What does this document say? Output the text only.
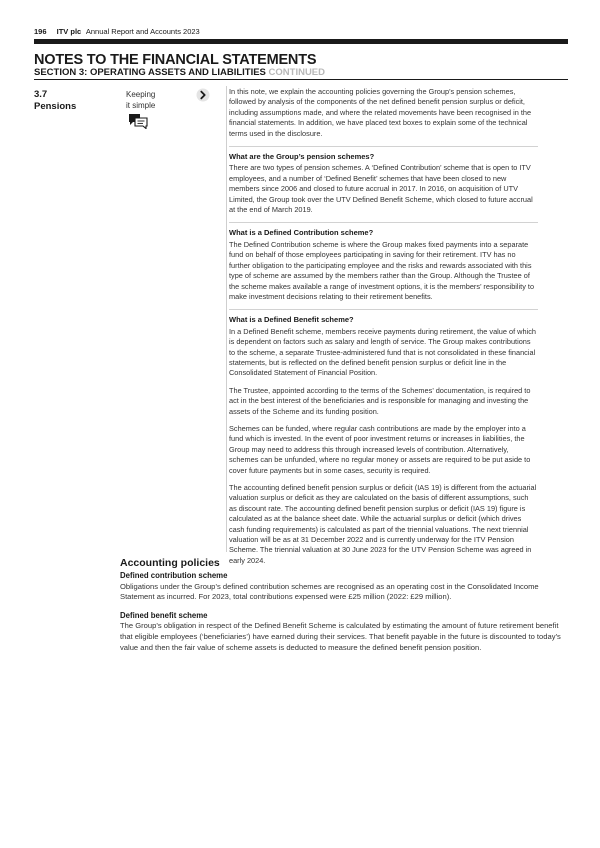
196 ITV plc Annual Report and Accounts 2023
NOTES TO THE FINANCIAL STATEMENTS
SECTION 3: OPERATING ASSETS AND LIABILITIES CONTINUED
3.7
Pensions
Keeping
it simple

In this note, we explain the accounting policies governing the Group’s pension schemes, followed by analysis of the components of the net defined benefit pension surplus or deficit, including assumptions made, and where the related movements have been recognised in the financial statements. In addition, we have placed text boxes to explain some of the technical terms used in the disclosure.

What are the Group’s pension schemes?

There are two types of pension schemes. A ‘Defined Contribution’ scheme that is open to ITV employees, and a number of ‘Defined Benefit’ schemes that have been closed to new members since 2006 and closed to future accrual in 2017. In 2016, on acquisition of UTV Limited, the Group took over the UTV Defined Benefit Scheme, which closed to future accrual at the end of March 2019.

What is a Defined Contribution scheme?

The Defined Contribution scheme is where the Group makes fixed payments into a separate fund on behalf of those employees participating in saving for their retirement. ITV has no further obligation to the participating employee and the risks and rewards associated with this type of scheme are assumed by the members rather than the Group. Although the Trustee of the scheme makes available a range of investment options, it is the members’ responsibility to make investment decisions relating to their retirement benefits.

What is a Defined Benefit scheme?

In a Defined Benefit scheme, members receive payments during retirement, the value of which is dependent on factors such as salary and length of service. The Group makes contributions to the scheme, a separate Trustee-administered fund that is not consolidated in these financial statements, but is reflected on the defined benefit pension surplus or deficit line in the Consolidated Statement of Financial Position.

The Trustee, appointed according to the terms of the Schemes’ documentation, is required to act in the best interest of the beneficiaries and is responsible for managing and investing the assets of the Scheme and its funding position.

Schemes can be funded, where regular cash contributions are made by the employer into a fund which is invested. In the event of poor investment returns or increases in liabilities, the Group may need to address this through increased levels of contribution. Alternatively, schemes can be unfunded, where no regular money or assets are required to be put aside to cover future payments but in some cases, security is required.

The accounting defined benefit pension surplus or deficit (IAS 19) is different from the actuarial valuation surplus or deficit as they are calculated on the basis of different assumptions, such as discount rate. The accounting defined benefit pension surplus or deficit (IAS 19) figure is calculated as at the balance sheet date. While the actuarial surplus or deficit (which drives cash funding requirements) is calculated as part of the triennial valuations. The next triennial valuation will be as at 31 December 2022 and is currently underway for the ITV Pension Scheme. The triennial valuation at 30 June 2023 for the UTV Pension Scheme was agreed in early 2024.

Accounting policies
Defined contribution scheme

Obligations under the Group’s defined contribution schemes are recognised as an operating cost in the Consolidated Income Statement as incurred. For 2023, total contributions expensed were £25 million (2022: £29 million).

Defined benefit scheme

The Group’s obligation in respect of the Defined Benefit Scheme is calculated by estimating the amount of future retirement benefit that eligible employees (‘beneficiaries’) have earned during their services. That benefit payable in the future is discounted to today’s value and then the fair value of scheme assets is deducted to measure the defined benefit pension position.
